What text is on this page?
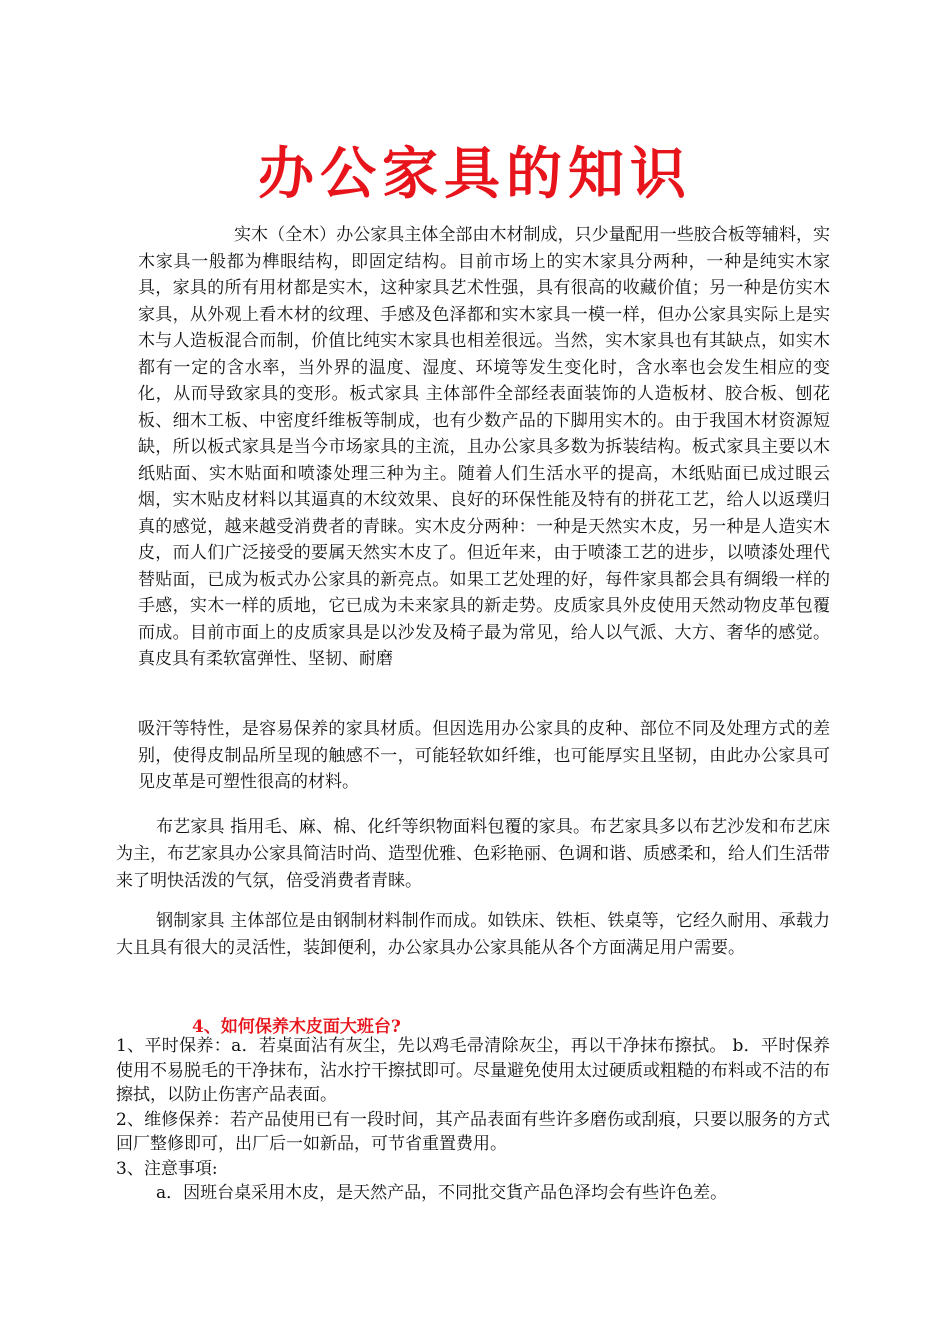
办公家具的知识
实木（全木）办公家具主体全部由木材制成，只少量配用一些胶合板等辅料，实木家具一般都为榫眼结构，即固定结构。目前市场上的实木家具分两种，一种是纯实木家具，家具的所有用材都是实木，这种家具艺术性强，具有很高的收藏价值；另一种是仿实木家具，从外观上看木材的纹理、手感及色泽都和实木家具一模一样，但办公家具实际上是实木与人造板混合而制，价值比纯实木家具也相差很远。当然，实木家具也有其缺点，如实木都有一定的含水率，当外界的温度、湿度、环境等发生变化时，含水率也会发生相应的变化，从而导致家具的变形。板式家具 主体部件全部经表面装饰的人造板材、胶合板、刨花板、细木工板、中密度纤维板等制成，也有少数产品的下脚用实木的。由于我国木材资源短缺，所以板式家具是当今市场家具的主流，且办公家具多数为拆装结构。板式家具主要以木纸贴面、实木贴面和喷漆处理三种为主。随着人们生活水平的提高，木纸贴面已成过眼云烟，实木贴皮材料以其逼真的木纹效果、良好的环保性能及特有的拼花工艺，给人以返璞归真的感觉，越来越受消费者的青睐。实木皮分两种：一种是天然实木皮，另一种是人造实木皮，而人们广泛接受的要属天然实木皮了。但近年来，由于喷漆工艺的进步，以喷漆处理代替贴面，已成为板式办公家具的新亮点。如果工艺处理的好，每件家具都会具有绸缎一样的手感，实木一样的质地，它已成为未来家具的新走势。皮质家具外皮使用天然动物皮革包覆而成。目前市面上的皮质家具是以沙发及椅子最为常见，给人以气派、大方、奢华的感觉。真皮具有柔软富弹性、坚韧、耐磨
吸汗等特性，是容易保养的家具材质。但因选用办公家具的皮种、部位不同及处理方式的差别，使得皮制品所呈现的触感不一，可能轻软如纤维，也可能厚实且坚韧，由此办公家具可见皮革是可塑性很高的材料。
布艺家具 指用毛、麻、棉、化纤等织物面料包覆的家具。布艺家具多以布艺沙发和布艺床为主，布艺家具办公家具简洁时尚、造型优雅、色彩艳丽、色调和谐、质感柔和，给人们生活带来了明快活泼的气氛，倍受消费者青睐。
钢制家具 主体部位是由钢制材料制作而成。如铁床、铁柜、铁桌等，它经久耐用、承载力大且具有很大的灵活性，装卸便利，办公家具办公家具能从各个方面满足用户需要。
4、如何保养木皮面大班台?

1、平时保养：a．若桌面沾有灰尘，先以鸡毛帚清除灰尘，再以干净抹布擦拭。 b．平时保养使用不易脱毛的干净抹布，沾水拧干擦拭即可。尽量避免使用太过硬质或粗糙的布料或不洁的布擦拭，以防止伤害产品表面。

2、维修保养：若产品使用已有一段时间，其产品表面有些许多磨伤或刮痕，只要以服务的方式回厂整修即可，出厂后一如新品，可节省重置费用。

3、注意事項:

a．因班台桌采用木皮，是天然产品，不同批交貨产品色泽均会有些许色差。
